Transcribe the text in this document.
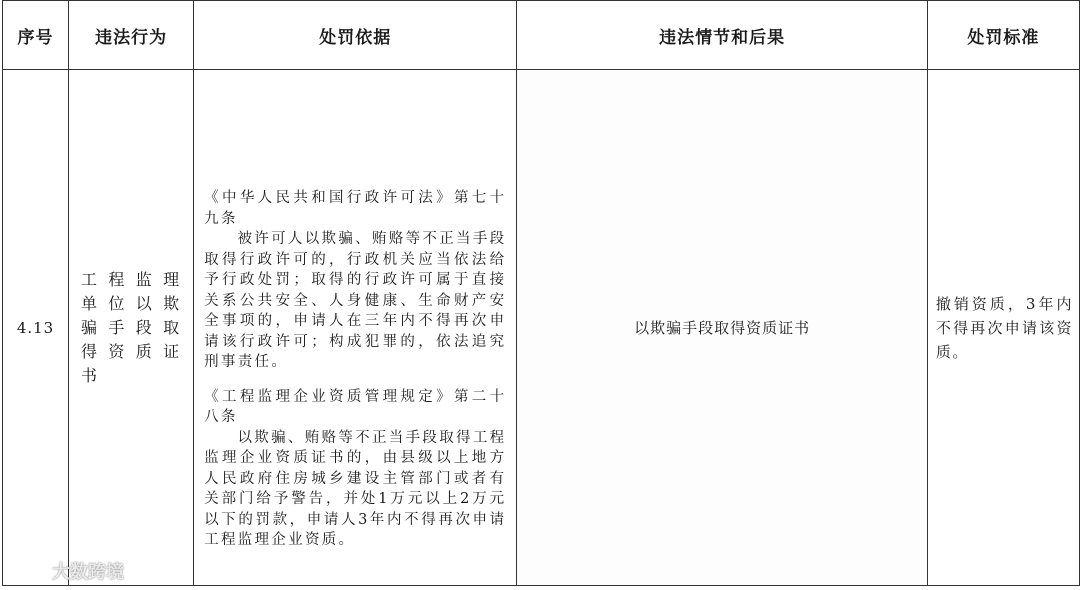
序号	违法行为	处罚依据	违法情节和后果	处罚标准
4.13	工程监理单位以欺骗手段取得资质证书	《中华人民共和国行政许可法》第七十九条

被许可人以欺骗、贿赂等不正当手段取得行政许可的，行政机关应当依法给予行政处罚；取得的行政许可属于直接关系公共安全、人身健康、生命财产安全事项的，申请人在三年内不得再次申请该行政许可；构成犯罪的，依法追究刑事责任。

《工程监理企业资质管理规定》第二十八条

以欺骗、贿赂等不正当手段取得工程监理企业资质证书的，由县级以上地方人民政府住房城乡建设主管部门或者有关部门给予警告，并处1万元以上2万元以下的罚款，申请人3年内不得再次申请工程监理企业资质。	以欺骗手段取得资质证书	撤销资质，3年内不得再次申请该资质。
大数跨境
